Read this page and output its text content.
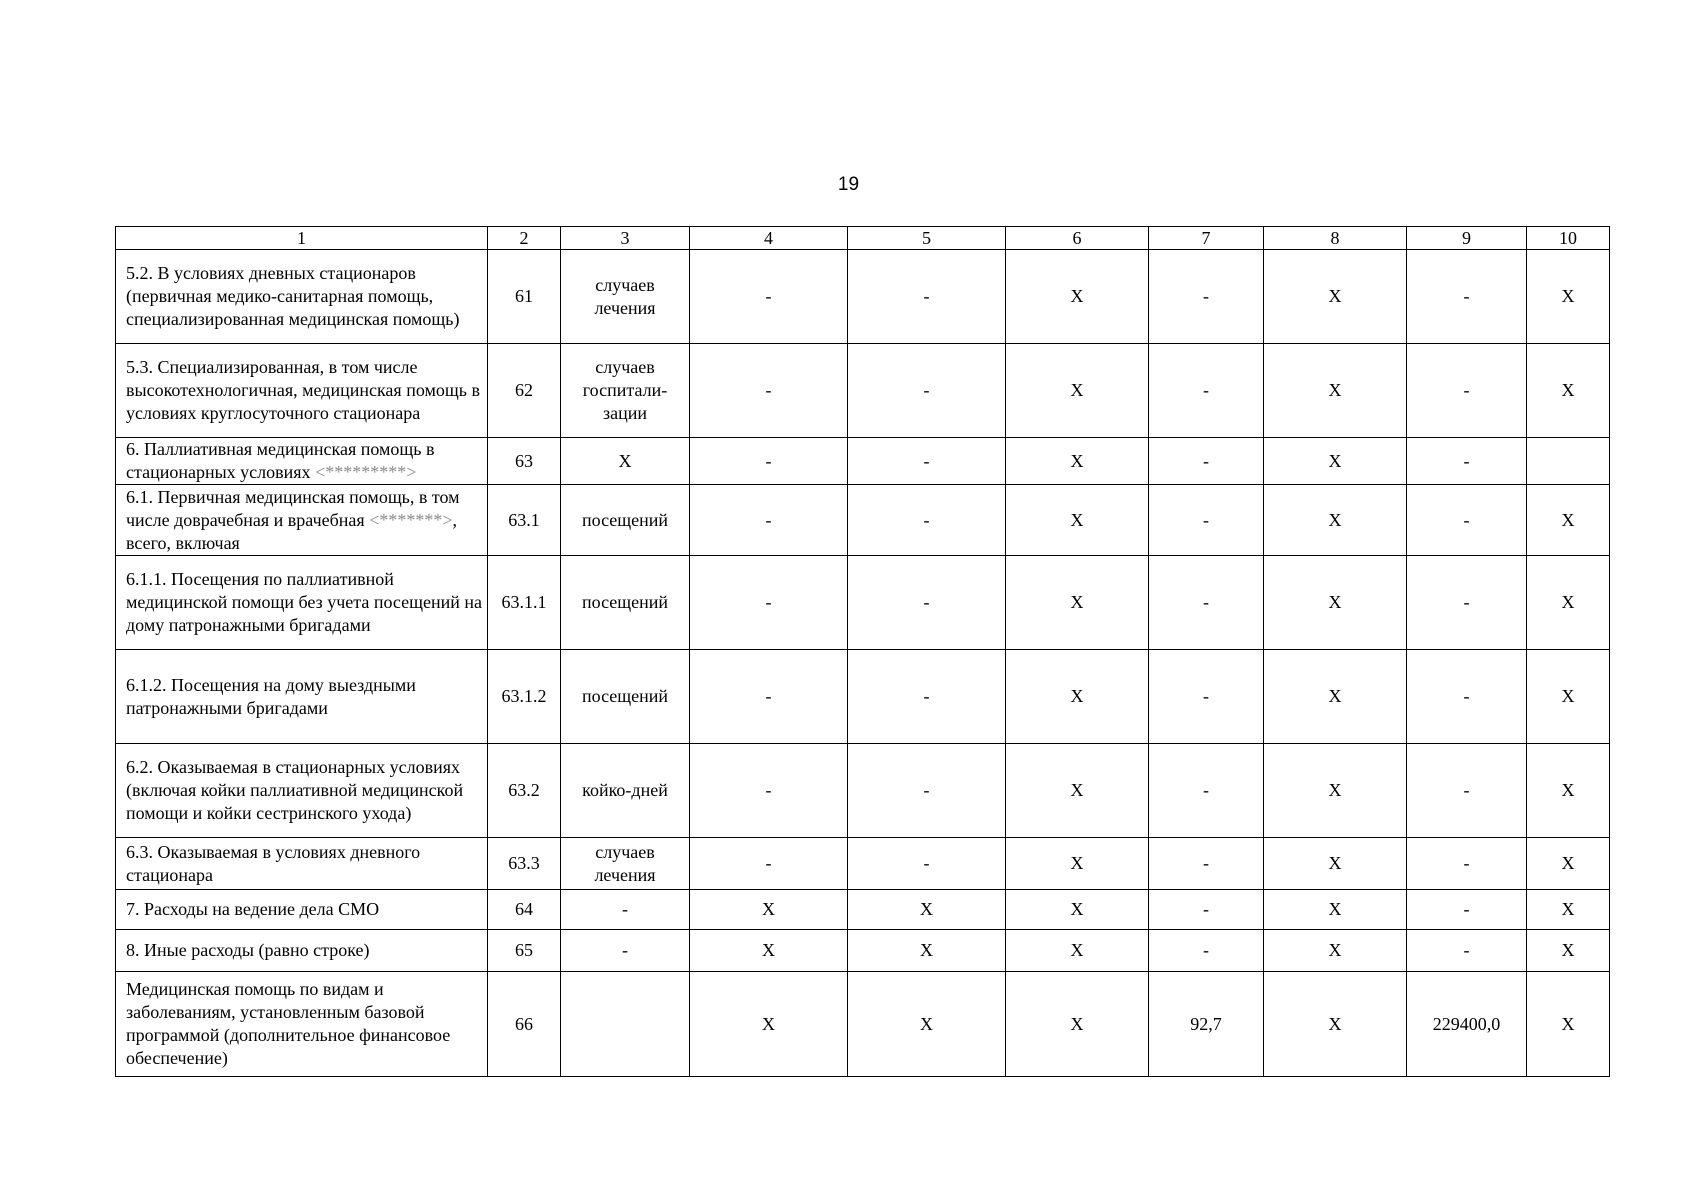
19
1	2	3	4	5	6	7	8	9	10
5.2. В условиях дневных стационаров (первичная медико-санитарная помощь, специализированная медицинская помощь)	61	случаев лечения	-	-	Х	-	Х	-	Х
5.3. Специализированная, в том числе высокотехнологичная, медицинская помощь в условиях круглосуточного стационара	62	случаев госпитали-зации	-	-	Х	-	Х	-	Х
6. Паллиативная медицинская помощь в стационарных условиях <*********>	63	Х	-	-	Х	-	Х	-	
6.1. Первичная медицинская помощь, в том числе доврачебная и врачебная <*******>, всего, включая	63.1	посещений	-	-	Х	-	Х	-	Х
6.1.1. Посещения по паллиативной медицинской помощи без учета посещений на дому патронажными бригадами	63.1.1	посещений	-	-	Х	-	Х	-	Х
6.1.2. Посещения на дому выездными патронажными бригадами	63.1.2	посещений	-	-	Х	-	Х	-	Х
6.2. Оказываемая в стационарных условиях (включая койки паллиативной медицинской помощи и койки сестринского ухода)	63.2	койко-дней	-	-	Х	-	Х	-	Х
6.3. Оказываемая в условиях дневного стационара	63.3	случаев лечения	-	-	Х	-	Х	-	Х
7. Расходы на ведение дела СМО	64	-	Х	Х	Х	-	Х	-	Х
8. Иные расходы (равно строке)	65	-	Х	Х	Х	-	Х	-	Х
Медицинская помощь по видам и заболеваниям, установленным базовой программой (дополнительное финансовое обеспечение)	66		Х	Х	Х	92,7	Х	229400,0	Х
